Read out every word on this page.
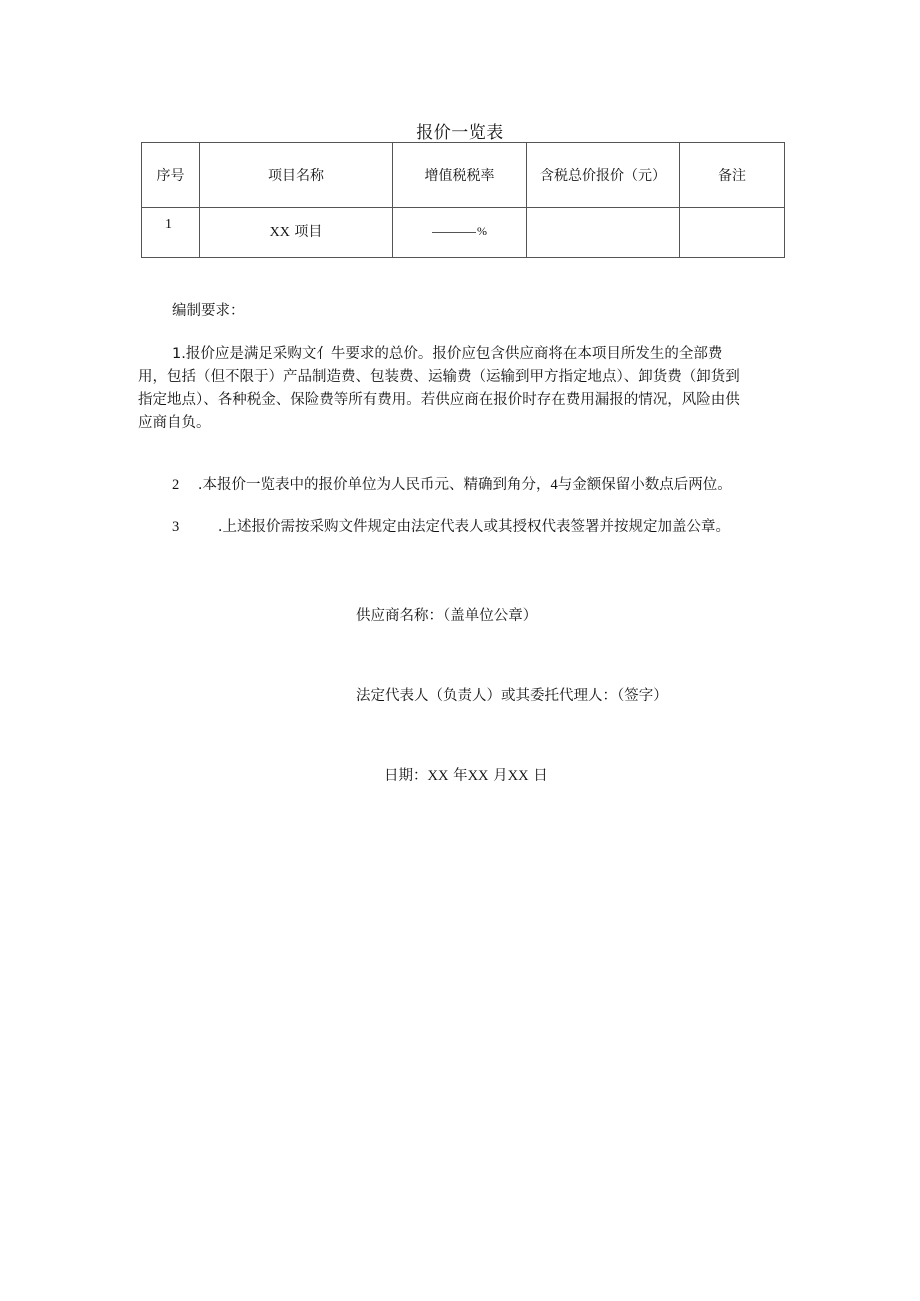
报价一览表
序号	项目名称	增值税税率	含税总价报价（元）	备注
1	XX 项目	%		
编制要求：
1.报价应是满足采购文亻牛要求的总价。报价应包含供应商将在本项目所发生的全部费
用，包括（但不限于）产品制造费、包装费、运输费（运输到甲方指定地点）、卸货费（卸货到
指定地点）、各种税金、保险费等所有费用。若供应商在报价时存在费用漏报的情况，风险由供
应商自负。
2 .本报价一览表中的报价单位为人民币元、精确到角分，4与金额保留小数点后两位。
3	.上述报价需按采购文件规定由法定代表人或其授权代表签署并按规定加盖公章。
供应商名称：（盖单位公章）
法定代表人（负责人）或其委托代理人：（签字）
日期：XX 年XX 月XX 日
